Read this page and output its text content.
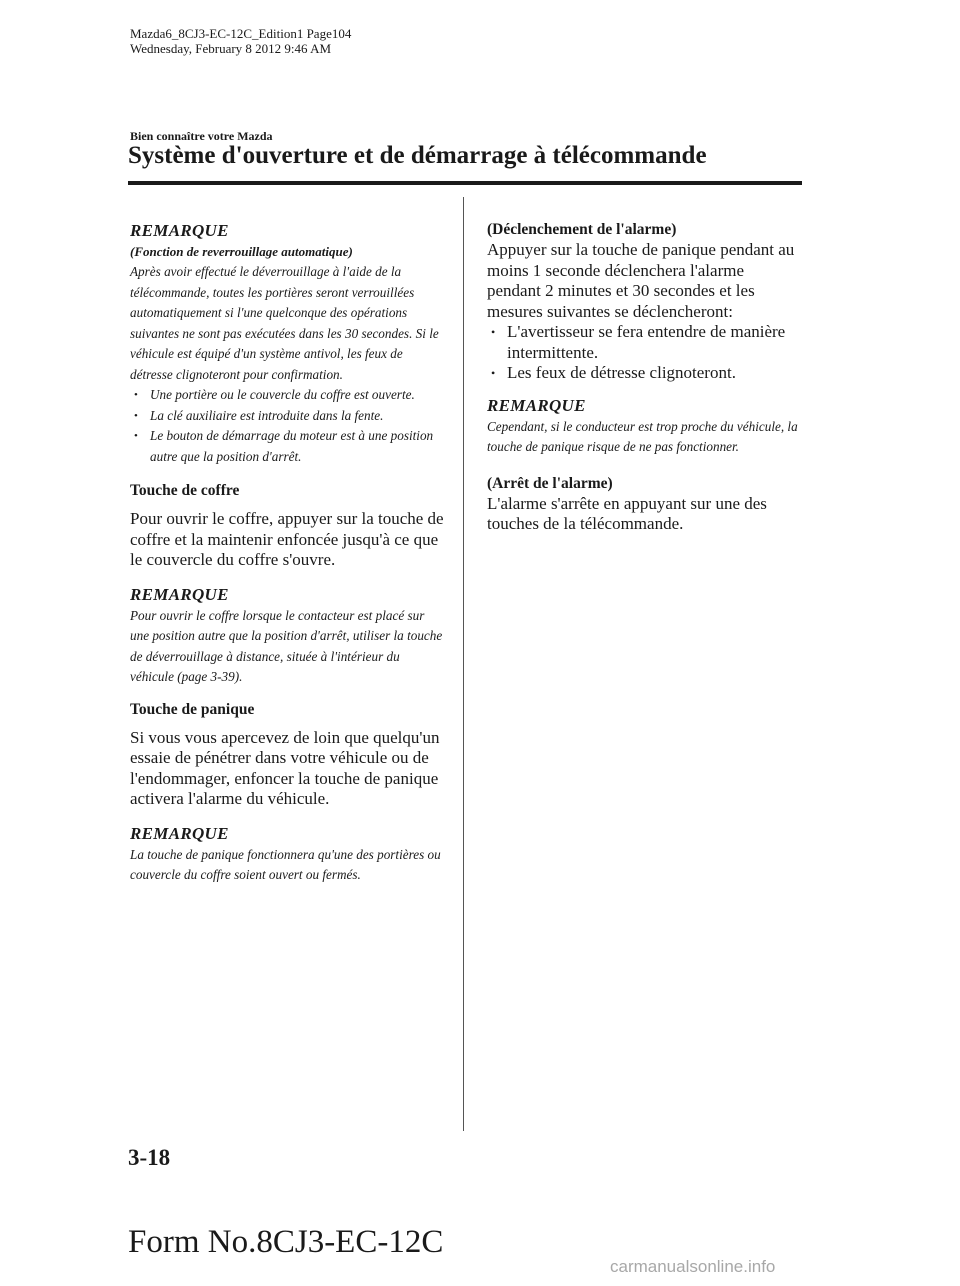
Mazda6_8CJ3-EC-12C_Edition1 Page104
Wednesday, February 8 2012 9:46 AM
Bien connaître votre Mazda
Système d'ouverture et de démarrage à télécommande
REMARQUE

(Fonction de reverrouillage automatique)

Après avoir effectué le déverrouillage à l'aide de la télécommande, toutes les portières seront verrouillées automatiquement si l'une quelconque des opérations suivantes ne sont pas exécutées dans les 30 secondes. Si le véhicule est équipé d'un système antivol, les feux de détresse clignoteront pour confirmation.

• Une portière ou le couvercle du coffre est ouverte.
• La clé auxiliaire est introduite dans la fente.
• Le bouton de démarrage du moteur est à une position autre que la position d'arrêt.
Touche de coffre

Pour ouvrir le coffre, appuyer sur la touche de coffre et la maintenir enfoncée jusqu'à ce que le couvercle du coffre s'ouvre.

REMARQUE

Pour ouvrir le coffre lorsque le contacteur est placé sur une position autre que la position d'arrêt, utiliser la touche de déverrouillage à distance, située à l'intérieur du véhicule (page 3-39).

Touche de panique

Si vous vous apercevez de loin que quelqu'un essaie de pénétrer dans votre véhicule ou de l'endommager, enfoncer la touche de panique activera l'alarme du véhicule.

REMARQUE

La touche de panique fonctionnera qu'une des portières ou couvercle du coffre soient ouvert ou fermés.

(Déclenchement de l'alarme)

Appuyer sur la touche de panique pendant au moins 1 seconde déclenchera l'alarme pendant 2 minutes et 30 secondes et les mesures suivantes se déclencheront:

• L'avertisseur se fera entendre de manière intermittente.
• Les feux de détresse clignoteront.
REMARQUE

Cependant, si le conducteur est trop proche du véhicule, la touche de panique risque de ne pas fonctionner.

(Arrêt de l'alarme)

L'alarme s'arrête en appuyant sur une des touches de la télécommande.

3-18
Form No.8CJ3-EC-12C
carmanualsonline.info
